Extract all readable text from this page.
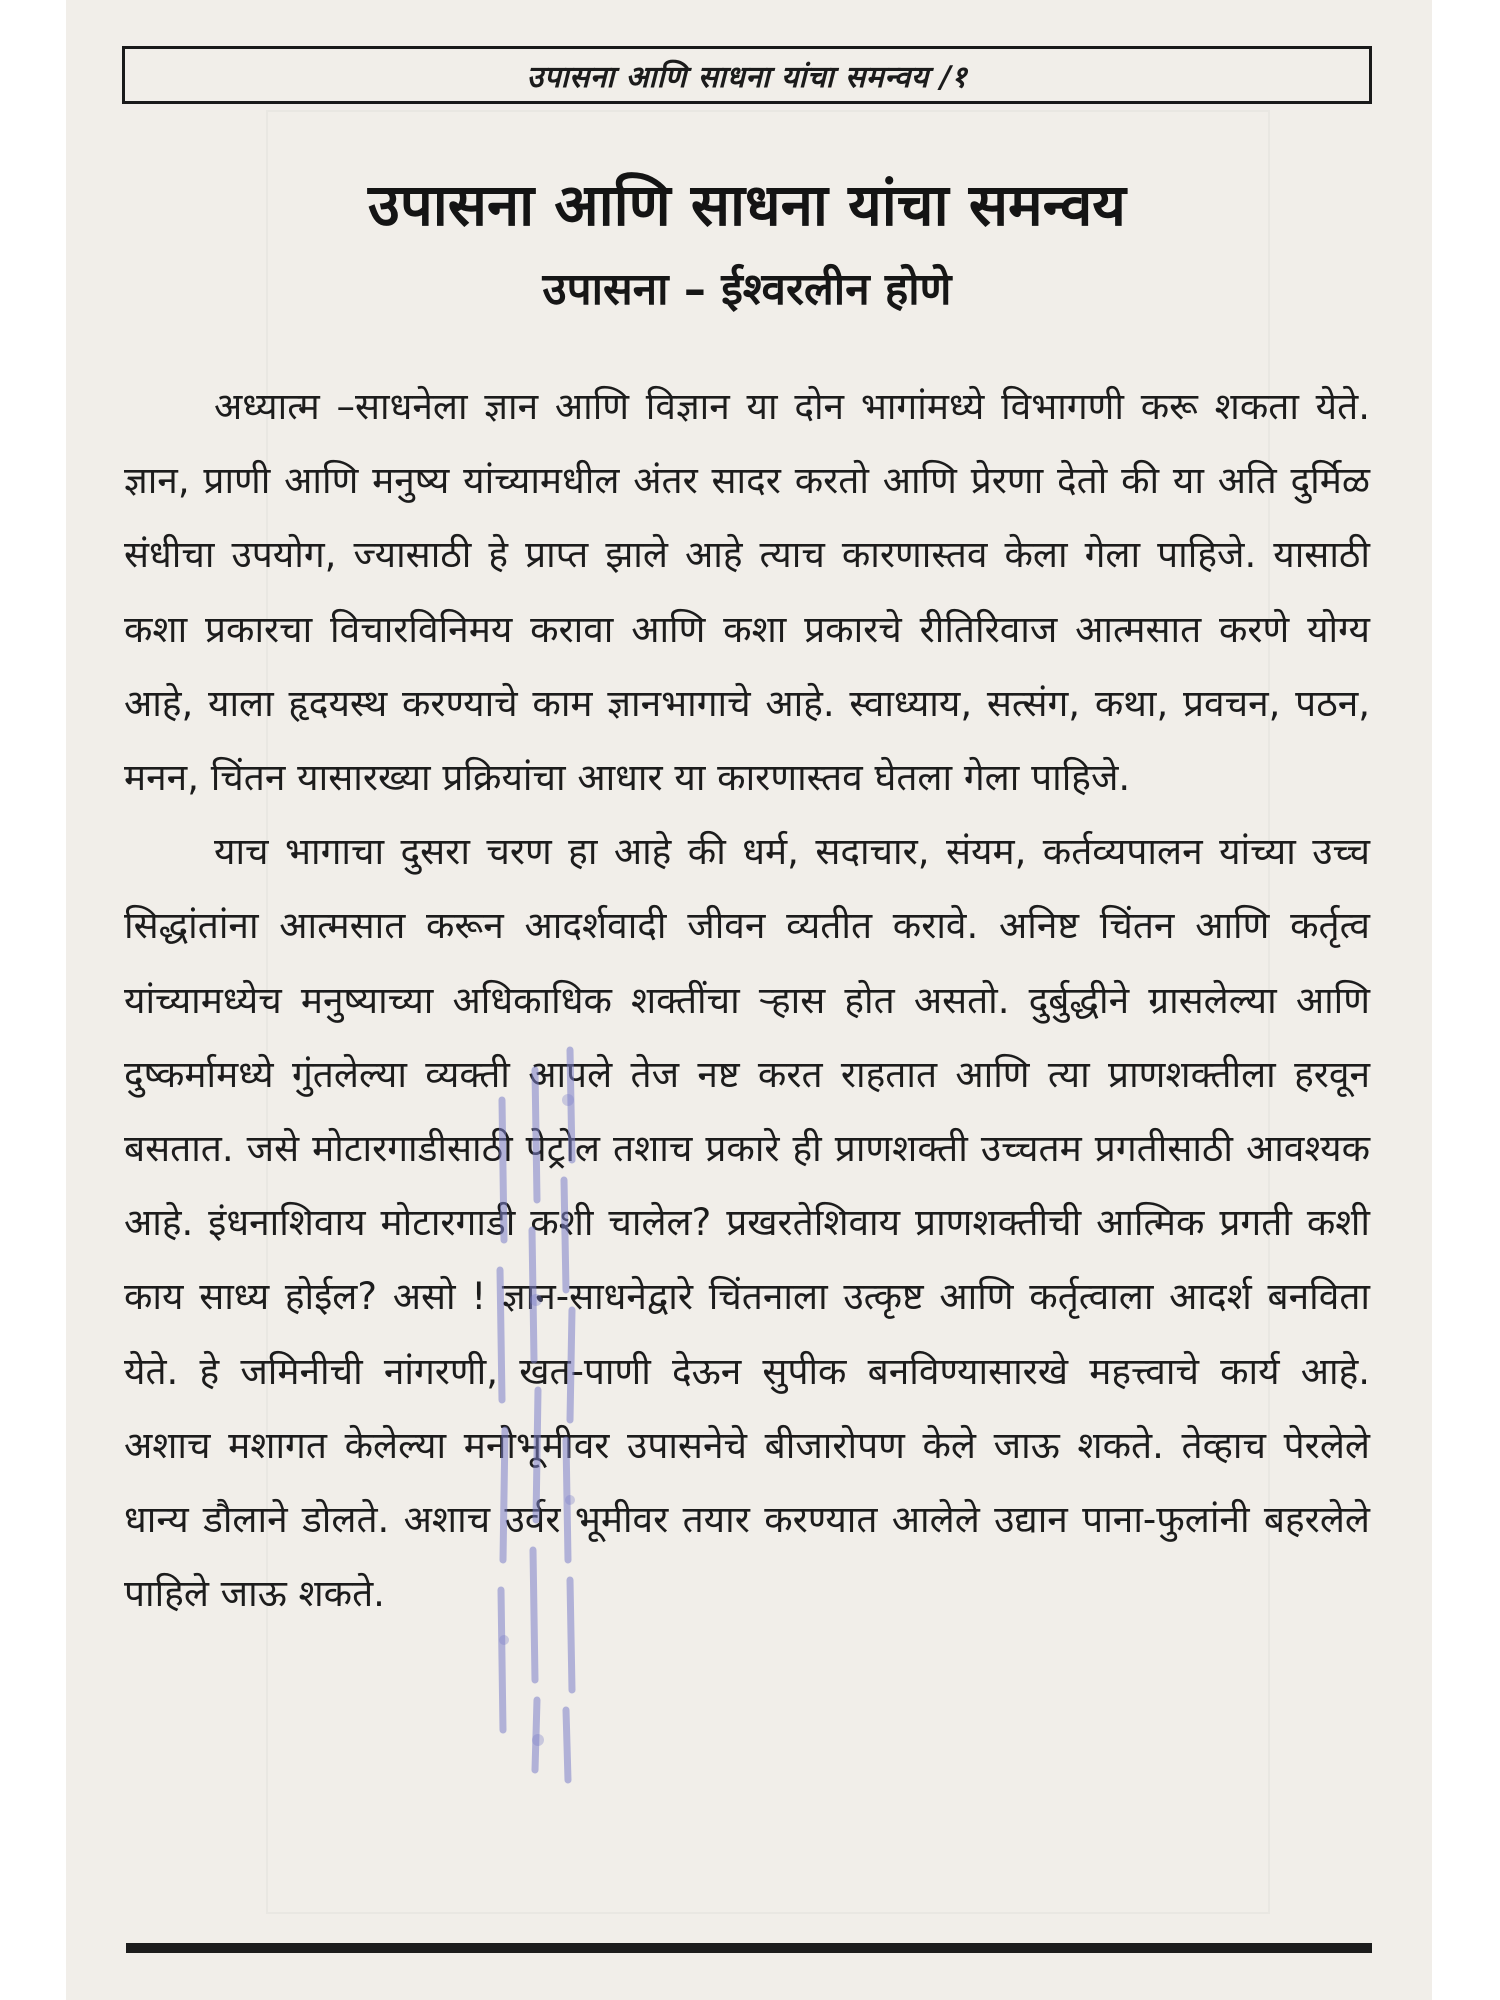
उपासना आणि साधना यांचा समन्वय /१
उपासना आणि साधना यांचा समन्वय
उपासना – ईश्वरलीन होणे

अध्यात्म –साधनेला ज्ञान आणि विज्ञान या दोन भागांमध्ये विभागणी करू शकता येते. ज्ञान, प्राणी आणि मनुष्य यांच्यामधील अंतर सादर करतो आणि प्रेरणा देतो की या अति दुर्मिळ संधीचा उपयोग, ज्यासाठी हे प्राप्त झाले आहे त्याच कारणास्तव केला गेला पाहिजे. यासाठी कशा प्रकारचा विचारविनिमय करावा आणि कशा प्रकारचे रीतिरिवाज आत्मसात करणे योग्य आहे, याला हृदयस्थ करण्याचे काम ज्ञानभागाचे आहे. स्वाध्याय, सत्संग, कथा, प्रवचन, पठन, मनन, चिंतन यासारख्या प्रक्रियांचा आधार या कारणास्तव घेतला गेला पाहिजे.

याच भागाचा दुसरा चरण हा आहे की धर्म, सदाचार, संयम, कर्तव्यपालन यांच्या उच्च सिद्धांतांना आत्मसात करून आदर्शवादी जीवन व्यतीत करावे. अनिष्ट चिंतन आणि कर्तृत्व यांच्यामध्येच मनुष्याच्या अधिकाधिक शक्तींचा ऱ्हास होत असतो. दुर्बुद्धीने ग्रासलेल्या आणि दुष्कर्मामध्ये गुंतलेल्या व्यक्ती आपले तेज नष्ट करत राहतात आणि त्या प्राणशक्तीला हरवून बसतात. जसे मोटारगाडीसाठी पेट्रोल तशाच प्रकारे ही प्राणशक्ती उच्चतम प्रगतीसाठी आवश्यक आहे. इंधनाशिवाय मोटारगाडी कशी चालेल? प्रखरतेशिवाय प्राणशक्तीची आत्मिक प्रगती कशी काय साध्य होईल? असो ! ज्ञान-साधनेद्वारे चिंतनाला उत्कृष्ट आणि कर्तृत्वाला आदर्श बनविता येते. हे जमिनीची नांगरणी, खत-पाणी देऊन सुपीक बनविण्यासारखे महत्त्वाचे कार्य आहे. अशाच मशागत केलेल्या मनोभूमीवर उपासनेचे बीजारोपण केले जाऊ शकते. तेव्हाच पेरलेले धान्य डौलाने डोलते. अशाच उर्वर भूमीवर तयार करण्यात आलेले उद्यान पाना-फुलांनी बहरलेले पाहिले जाऊ शकते.
